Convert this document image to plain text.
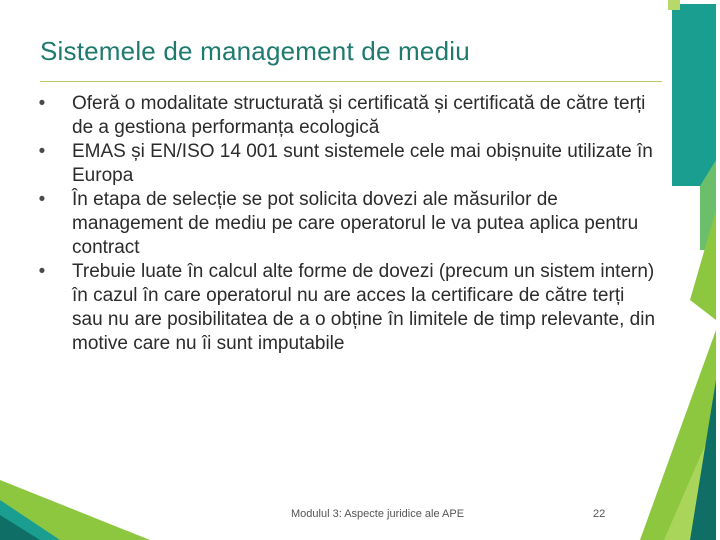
Sistemele de management de mediu
•	Oferă o modalitate structurată și certificată și certificată de către terți de a gestiona performanța ecologică
•	EMAS și EN/ISO 14 001 sunt sistemele cele mai obișnuite utilizate în Europa
•	În etapa de selecție se pot solicita dovezi ale măsurilor de management de mediu pe care operatorul le va putea aplica pentru contract
•	Trebuie luate în calcul alte forme de dovezi (precum un sistem intern) în cazul în care operatorul nu are acces la certificare de către terți sau nu are posibilitatea de a o obține în limitele de timp relevante, din motive care nu îi sunt imputabile
Modulul 3: Aspecte juridice ale APE	22
